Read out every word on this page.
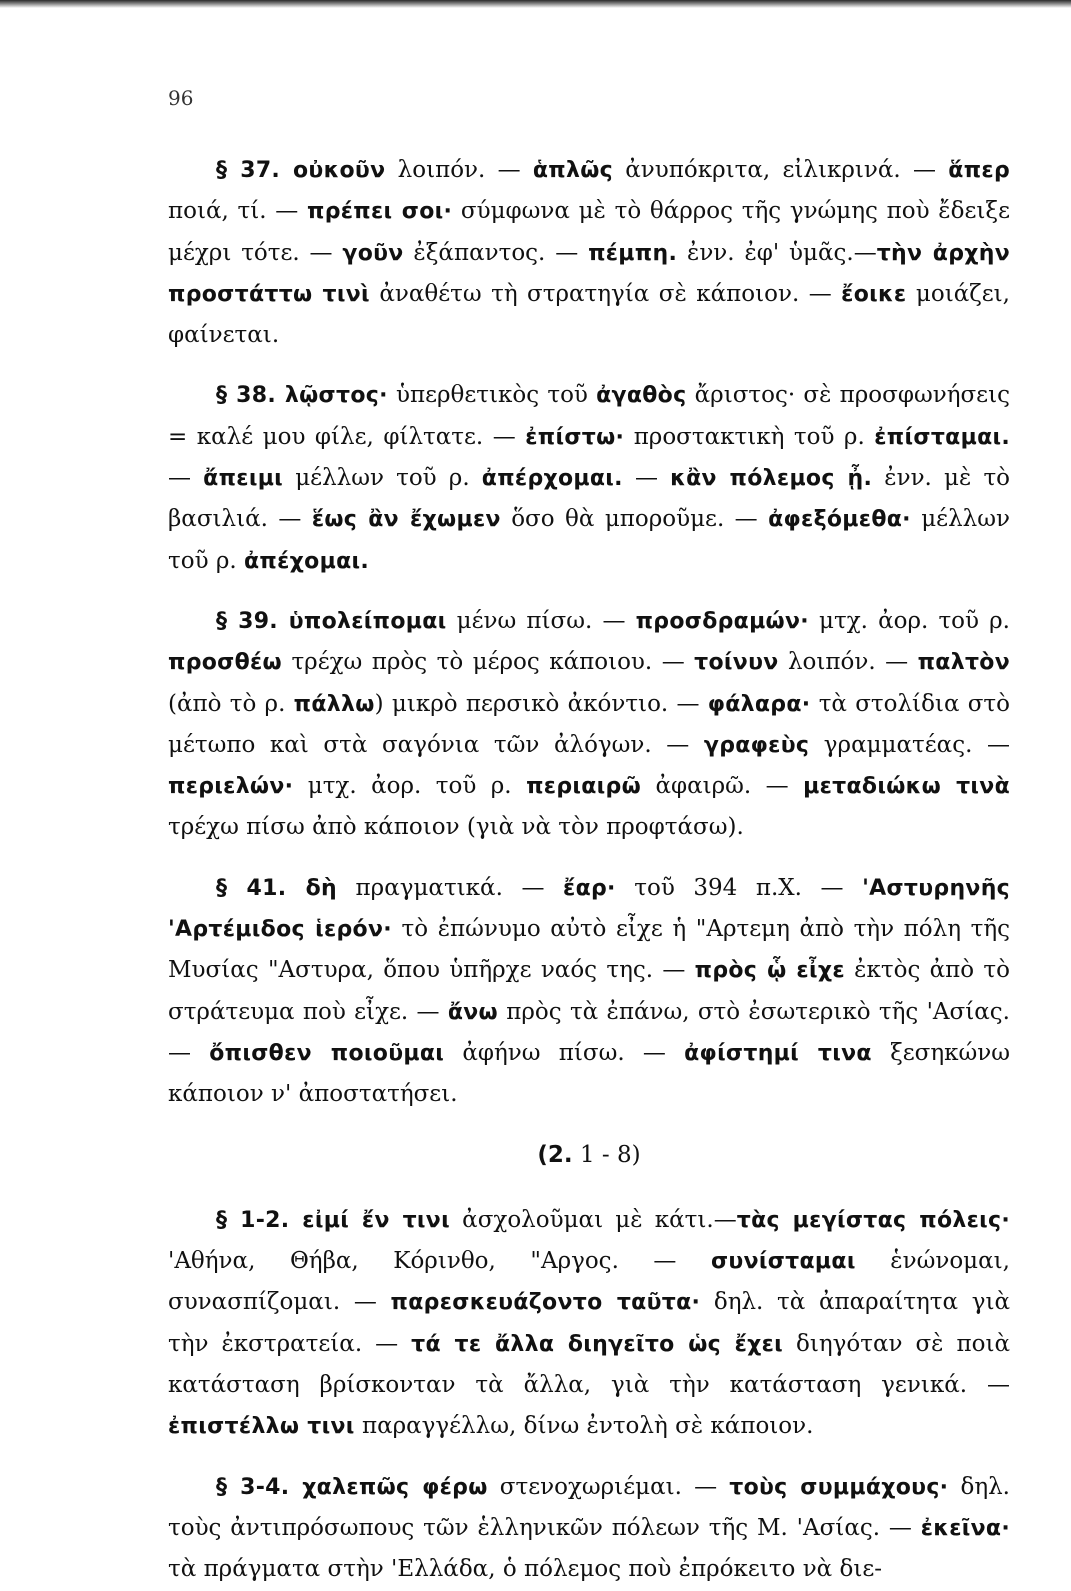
96

§ 37. οὐκοῦν λοιπόν. — ἁπλῶς ἀνυπόκριτα, εἰλικρινά. — ἅπερ ποιά, τί. — πρέπει σοι· σύμφωνα μὲ τὸ θάρρος τῆς γνώμης ποὺ ἔδειξε μέχρι τότε. — γοῦν ἐξάπαντος. — πέμπη. ἐνν. ἐφ' ὑμᾶς.—τὴν ἀρχὴν προστάττω τινὶ ἀναθέτω τὴ στρατηγία σὲ κάποιον. — ἔοικε μοιάζει, φαίνεται.

§ 38. λῷστος· ὑπερθετικὸς τοῦ ἀγαθὸς ἄριστος· σὲ προσφωνήσεις = καλέ μου φίλε, φίλτατε. — ἐπίστω· προστακτικὴ τοῦ ρ. ἐπίσταμαι. — ἄπειμι μέλλων τοῦ ρ. ἀπέρχομαι. — κἂν πόλεμος ᾖ. ἐνν. μὲ τὸ βασιλιά. — ἕως ἂν ἔχωμεν ὅσο θὰ μποροῦμε. — ἀφεξόμεθα· μέλλων τοῦ ρ. ἀπέχομαι.

§ 39. ὑπολείπομαι μένω πίσω. — προσδραμών· μτχ. ἀορ. τοῦ ρ. προσθέω τρέχω πρὸς τὸ μέρος κάποιου. — τοίνυν λοιπόν. — παλτὸν (ἀπὸ τὸ ρ. πάλλω) μικρὸ περσικὸ ἀκόντιο. — φάλαρα· τὰ στολίδια στὸ μέτωπο καὶ στὰ σαγόνια τῶν ἀλόγων. — γραφεὺς γραμματέας. — περιελών· μτχ. ἀορ. τοῦ ρ. περιαιρῶ ἀφαιρῶ. — μεταδιώκω τινὰ τρέχω πίσω ἀπὸ κάποιον (γιὰ νὰ τὸν προφτάσω).

§ 41. δὴ πραγματικά. — ἔαρ· τοῦ 394 π.Χ. — 'Αστυρηνῆς 'Αρτέμιδος ἱερόν· τὸ ἐπώνυμο αὐτὸ εἶχε ἡ "Αρτεμη ἀπὸ τὴν πόλη τῆς Μυσίας "Αστυρα, ὅπου ὑπῆρχε ναός της. — πρὸς ᾧ εἶχε ἐκτὸς ἀπὸ τὸ στράτευμα ποὺ εἶχε. — ἄνω πρὸς τὰ ἐπάνω, στὸ ἐσωτερικὸ τῆς 'Ασίας. — ὄπισθεν ποιοῦμαι ἀφήνω πίσω. — ἀφίστημί τινα ξεσηκώνω κάποιον ν' ἀποστατήσει.

(2. 1 - 8)

§ 1-2. εἰμί ἔν τινι ἀσχολοῦμαι μὲ κάτι.—τὰς μεγίστας πόλεις· 'Αθήνα, Θήβα, Κόρινθο, "Αργος. — συνίσταμαι ἑνώνομαι, συνασπίζομαι. — παρεσκευάζοντο ταῦτα· δηλ. τὰ ἀπαραίτητα γιὰ τὴν ἐκστρατεία. — τά τε ἄλλα διηγεῖτο ὡς ἔχει διηγόταν σὲ ποιὰ κατάσταση βρίσκονταν τὰ ἄλλα, γιὰ τὴν κατάσταση γενικά. — ἐπιστέλλω τινι παραγγέλλω, δίνω ἐντολὴ σὲ κάποιον.

§ 3-4. χαλεπῶς φέρω στενοχωριέμαι. — τοὺς συμμάχους· δηλ. τοὺς ἀντιπρόσωπους τῶν ἑλληνικῶν πόλεων τῆς Μ. 'Ασίας. — ἐκεῖνα· τὰ πράγματα στὴν 'Ελλάδα, ὁ πόλεμος ποὺ ἐπρόκειτο νὰ διε-
